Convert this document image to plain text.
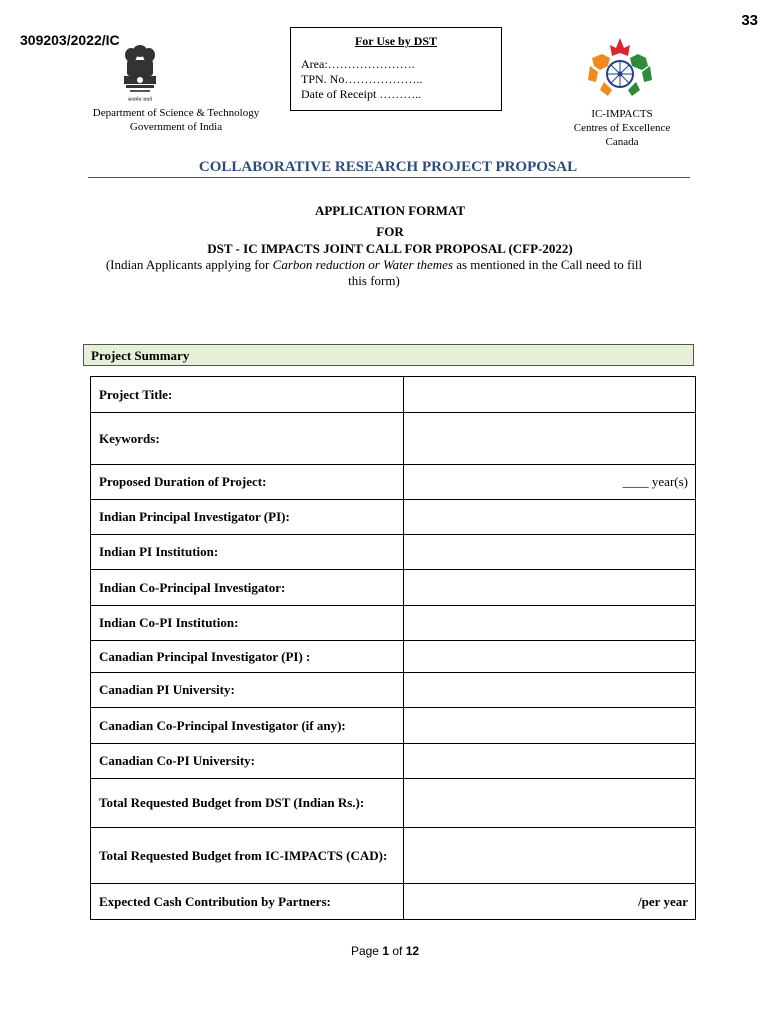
33
309203/2022/IC
सत्यमेव जयते
Department of Science & Technology
Government of India
For Use by DST
Area:………………….
TPN. No………………..
Date of Receipt ………..
IC-IMPACTS
Centres of Excellence
Canada
COLLABORATIVE RESEARCH PROJECT PROPOSAL
APPLICATION FORMAT
FOR
DST - IC IMPACTS JOINT CALL FOR PROPOSAL (CFP-2022)
(Indian Applicants applying for Carbon reduction or Water themes as mentioned in the Call need to fill this form)
Project Summary
Project Title:	
Keywords:	
Proposed Duration of Project:	____ year(s)
Indian Principal Investigator (PI):	
Indian PI Institution:	
Indian Co-Principal Investigator:	
Indian Co-PI Institution:	
Canadian Principal Investigator (PI) :	
Canadian PI University:	
Canadian Co-Principal Investigator (if any):	
Canadian Co-PI University:	
Total Requested Budget from DST (Indian Rs.):	
Total Requested Budget from IC-IMPACTS (CAD):	
Expected Cash Contribution by Partners:	/per year
Page 1 of 12
